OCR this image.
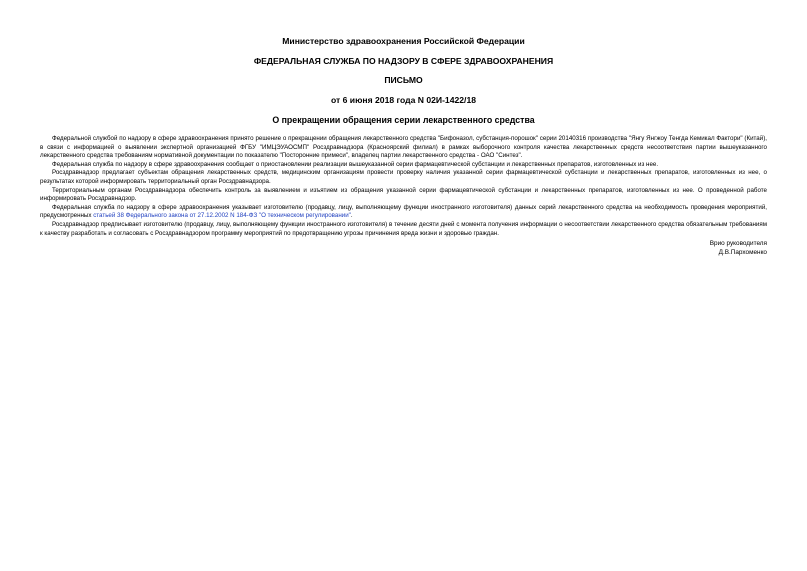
Министерство здравоохранения Российской Федерации
ФЕДЕРАЛЬНАЯ СЛУЖБА ПО НАДЗОРУ В СФЕРЕ ЗДРАВООХРАНЕНИЯ
ПИСЬМО
от 6 июня 2018 года N 02И-1422/18
О прекращении обращения серии лекарственного средства

Федеральной службой по надзору в сфере здравоохранения принято решение о прекращении обращения лекарственного средства "Бифоназол, субстанция-порошок" серии 20140316 производства "Янгу Янгжоу Тенгда Кемикал Фактори" (Китай), в связи с информацией о выявлении экспертной организацией ФГБУ "ИМЦЭУАОСМП" Росздравнадзора (Красноярский филиал) в рамках выборочного контроля качества лекарственных средств несоответствия партии вышеуказанного лекарственного средства требованиям нормативной документации по показателю "Посторонние примеси", владелец партии лекарственного средства - ОАО "Синтез".

Федеральная служба по надзору в сфере здравоохранения сообщает о приостановлении реализации вышеуказанной серии фармацевтической субстанции и лекарственных препаратов, изготовленных из нее.

Росздравнадзор предлагает субъектам обращения лекарственных средств, медицинским организациям провести проверку наличия указанной серии фармацевтической субстанции и лекарственных препаратов, изготовленных из нее, о результатах которой информировать территориальный орган Росздравнадзора.

Территориальным органам Росздравнадзора обеспечить контроль за выявлением и изъятием из обращения указанной серии фармацевтической субстанции и лекарственных препаратов, изготовленных из нее. О проведенной работе информировать Росздравнадзор.

Федеральная служба по надзору в сфере здравоохранения указывает изготовителю (продавцу, лицу, выполняющему функции иностранного изготовителя) данных серий лекарственного средства на необходимость проведения мероприятий, предусмотренных статьей 38 Федерального закона от 27.12.2002 N 184-ФЗ "О техническом регулировании".

Росздравнадзор предписывает изготовителю (продавцу, лицу, выполняющему функции иностранного изготовителя) в течение десяти дней с момента получения информации о несоответствии лекарственного средства обязательным требованиям к качеству разработать и согласовать с Росздравнадзором программу мероприятий по предотвращению угрозы причинения вреда жизни и здоровью граждан.

Врио руководителя
Д.В.Пархоменко
